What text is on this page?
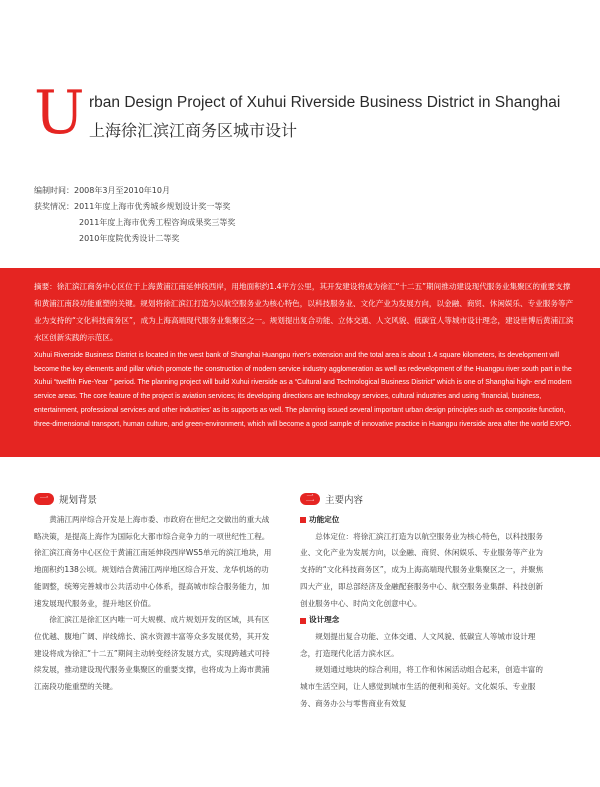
U rban Design Project of Xuhui Riverside Business District in Shanghai
上海徐汇滨江商务区城市设计
编制时间： 2008年3月至2010年10月
获奖情况： 2011年度上海市优秀城乡规划设计奖一等奖
2011年度上海市优秀工程咨询成果奖三等奖
2010年度院优秀设计二等奖

摘要：徐汇滨江商务中心区位于上海黄浦江南延伸段西岸，用地面积约1.4平方公里，其开发建设将成为徐汇“十二五”期间推动建设现代服务业集聚区的重要支撑和黄浦江南段功能重塑的关键。规划将徐汇滨江打造为以航空服务业为核心特色，以科技服务业、文化产业为发展方向，以金融、商贸、休闲娱乐、专业服务等产业为支持的“文化科技商务区”，成为上海高端现代服务业集聚区之一。规划提出复合功能、立体交通、人文风貌、低碳宜人等城市设计理念，建设世博后黄浦江滨水区创新实践的示范区。

Xuhui Riverside Business District is located in the west bank of Shanghai Huangpu river's extension and the total area is about 1.4 square kilometers, its development will become the key elements and pillar which promote the construction of modern service industry agglomeration as well as redevelopment of the Huangpu river south part in the Xuhui “twelfth Five-Year ” period. The planning project will build Xuhui riverside as a “Cultural and Technological Business District” which is one of Shanghai high- end modern service areas. The core feature of the project is aviation services; its developing directions are technology services, cultural industries and using ‘financial, business, entertainment, professional services and other industries’ as its supports as well. The planning issued several important urban design principles such as composite function, three-dimensional transport, human culture, and green-environment, which will become a good sample of innovative practice in Huangpu riverside area after the world EXPO.

一	规划背景

黄浦江两岸综合开发是上海市委、市政府在世纪之交做出的重大战略决策，是提高上海作为国际化大都市综合竞争力的一项世纪性工程。徐汇滨江商务中心区位于黄浦江南延伸段西岸WS5单元的滨江地块，用地面积约138公顷。规划结合黄浦江两岸地区综合开发、龙华机场的功能调整，统筹完善城市公共活动中心体系，提高城市综合服务能力，加速发展现代服务业，提升地区价值。

徐汇滨江是徐汇区内唯一可大规模、成片规划开发的区域，具有区位优越、腹地广阔、岸线绵长、滨水资源丰富等众多发展优势，其开发建设将成为徐汇“十二五”期间主动转变经济发展方式，实现跨越式可持续发展，推动建设现代服务业集聚区的重要支撑，也将成为上海市黄浦江南段功能重塑的关键。

二	主要内容
功能定位

总体定位：将徐汇滨江打造为以航空服务业为核心特色，以科技服务业、文化产业为发展方向，以金融、商贸、休闲娱乐、专业服务等产业为支持的“文化科技商务区”，成为上海高端现代服务业集聚区之一，并聚焦四大产业，即总部经济及金融配套服务中心、航空服务业集群、科技创新创业服务中心、时尚文化创意中心。

设计理念

规划提出复合功能、立体交通、人文风貌、低碳宜人等城市设计理念，打造现代化活力滨水区。

规划通过地块的综合利用，将工作和休闲活动组合起来，创造丰富的城市生活空间，让人感觉到城市生活的便利和美好。文化娱乐、专业服务、商务办公与零售商业有效复
